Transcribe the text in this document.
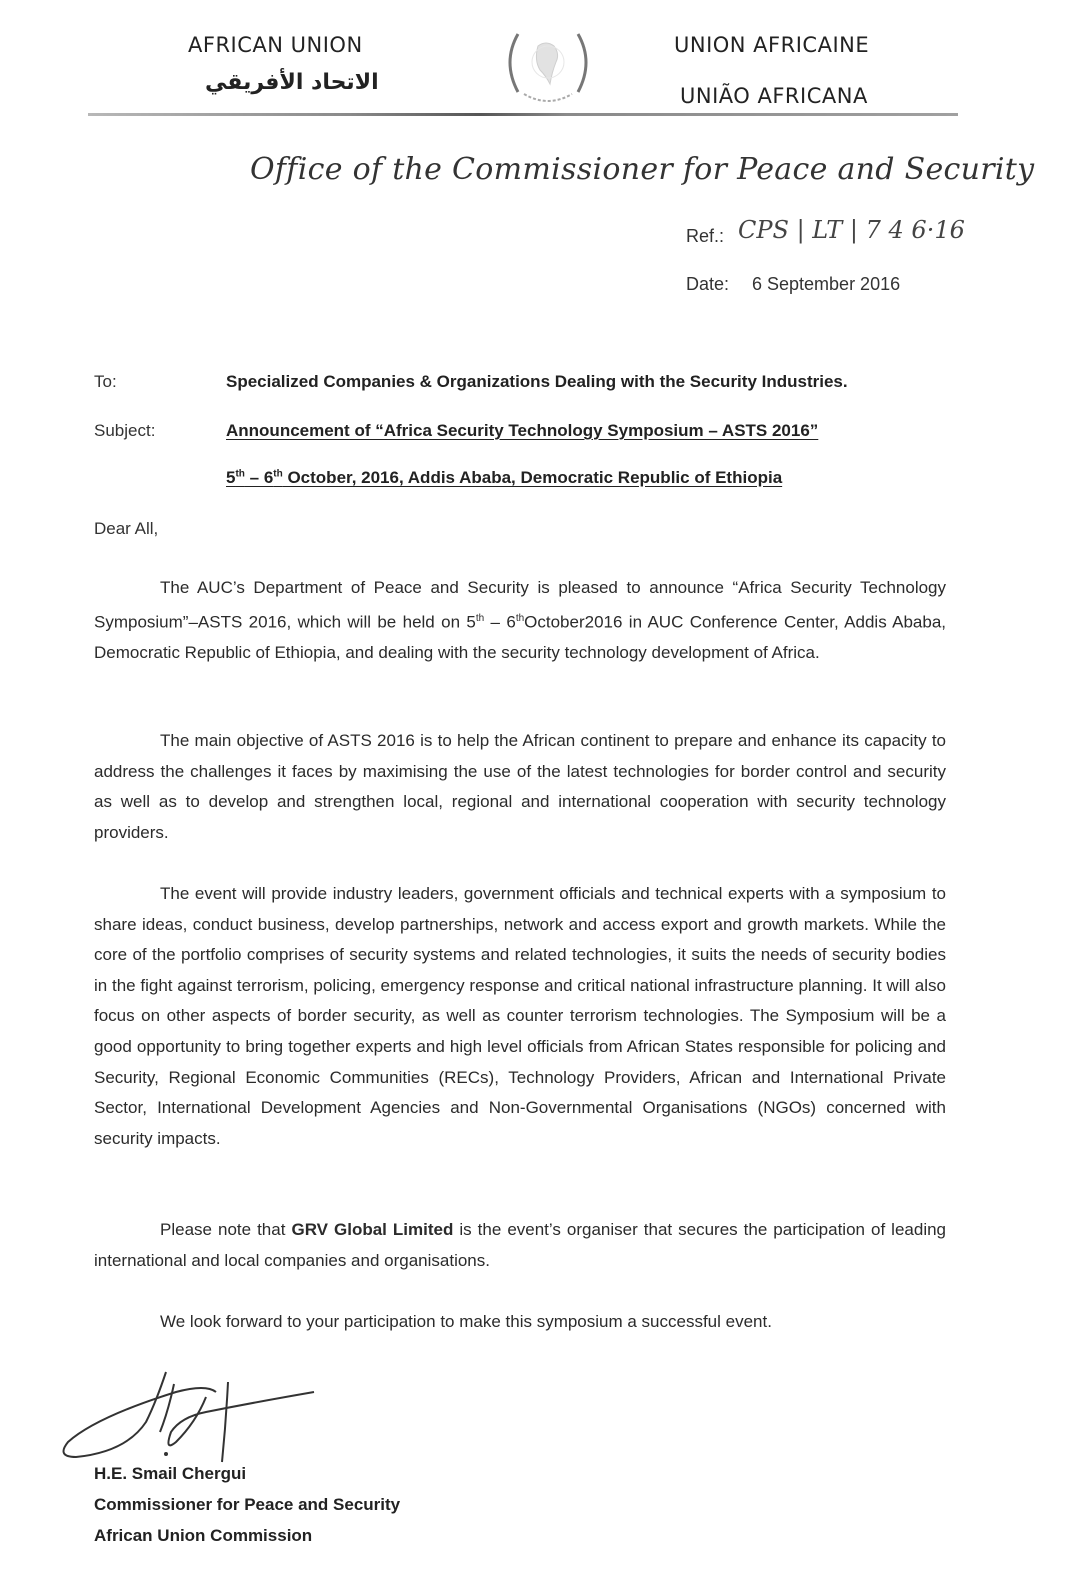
AFRICAN UNION
الاتحاد الأفريقي
UNION AFRICAINE
UNIÃO AFRICANA
Office of the Commissioner for Peace and Security
Ref.: CPS | LT | 7 4 6·16
Date: 6 September 2016
To:	Specialized Companies & Organizations Dealing with the Security Industries.
Subject:	Announcement of “Africa Security Technology Symposium – ASTS 2016”
5th – 6th October, 2016, Addis Ababa, Democratic Republic of Ethiopia
Dear All,
The AUC’s Department of Peace and Security is pleased to announce “Africa Security Technology Symposium”–ASTS 2016, which will be held on 5th – 6thOctober2016 in AUC Conference Center, Addis Ababa, Democratic Republic of Ethiopia, and dealing with the security technology development of Africa.
The main objective of ASTS 2016 is to help the African continent to prepare and enhance its capacity to address the challenges it faces by maximising the use of the latest technologies for border control and security as well as to develop and strengthen local, regional and international cooperation with security technology providers.
The event will provide industry leaders, government officials and technical experts with a symposium to share ideas, conduct business, develop partnerships, network and access export and growth markets. While the core of the portfolio comprises of security systems and related technologies, it suits the needs of security bodies in the fight against terrorism, policing, emergency response and critical national infrastructure planning. It will also focus on other aspects of border security, as well as counter terrorism technologies. The Symposium will be a good opportunity to bring together experts and high level officials from African States responsible for policing and Security, Regional Economic Communities (RECs), Technology Providers, African and International Private Sector, International Development Agencies and Non-Governmental Organisations (NGOs) concerned with security impacts.
Please note that GRV Global Limited is the event’s organiser that secures the participation of leading international and local companies and organisations.
We look forward to your participation to make this symposium a successful event.
H.E. Smail Chergui
Commissioner for Peace and Security
African Union Commission
